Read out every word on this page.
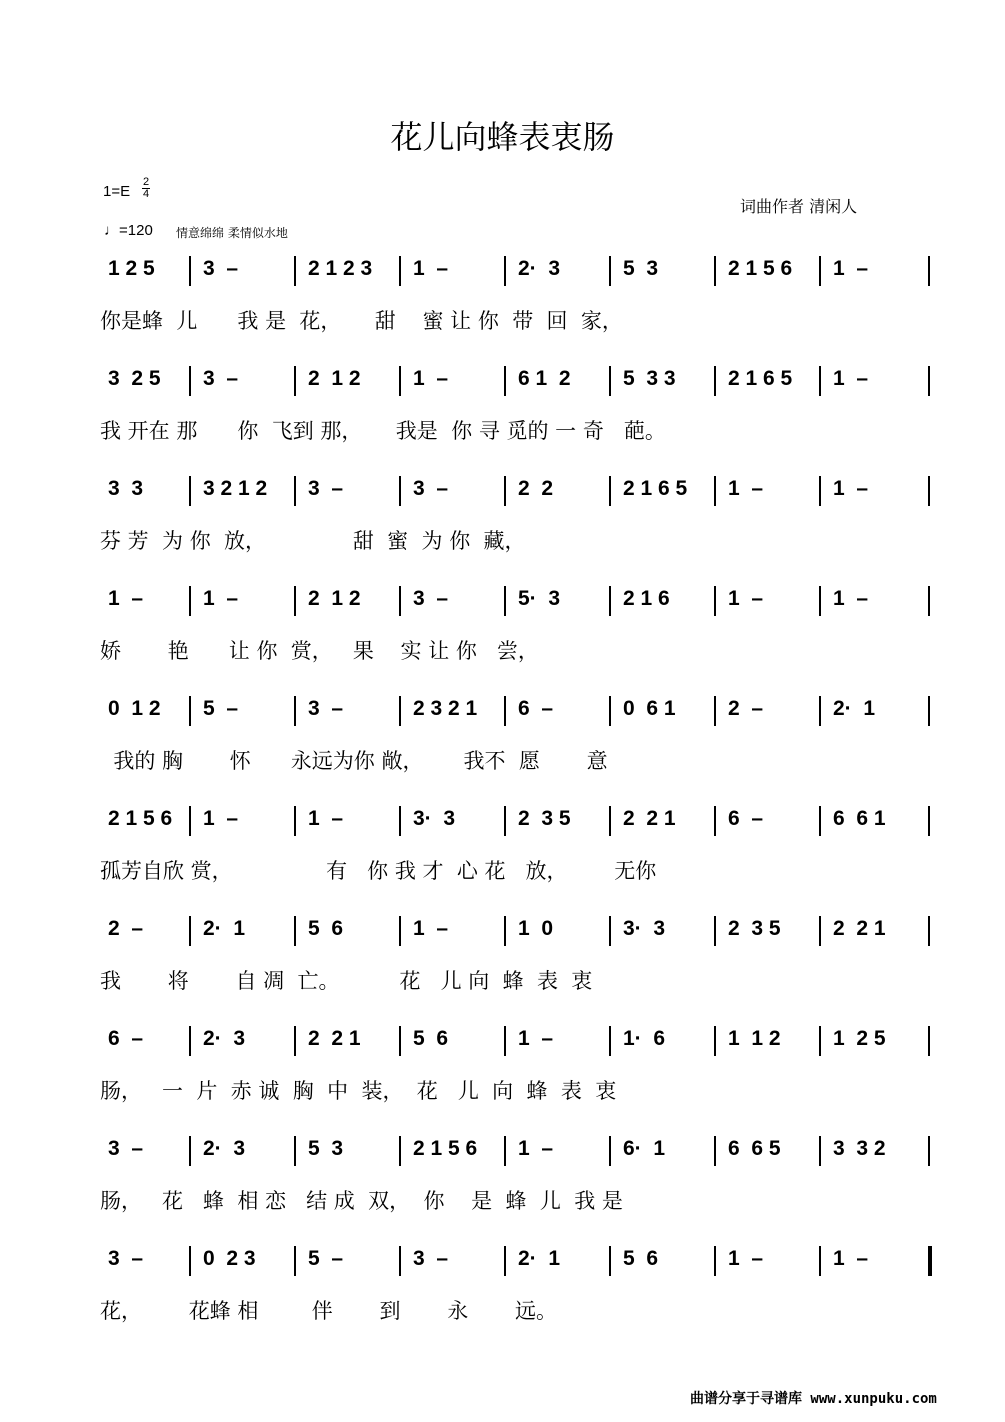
花儿向蜂表衷肠
1=E
2
4
♩=120 情意绵绵 柔情似水地
词曲作者 清闲人
1 2 5 3  –	2 1 2 3 1  –	2·  3	5  3	2 1 5 6 1  –
你是蜂  儿      我 是  花，     甜    蜜 让 你  带  回  家，
3  2 5 3  –	2  1 2 1  –	6 1  2 5  3 3 2 1 6 5 1  –
我 开在 那      你  飞到 那，     我是  你 寻 觅的 一 奇   葩。
3  3	3 2 1 2 3  –	3  –	2  2	2 1 6 5 1  –	1  –
芬 芳  为 你  放，             甜  蜜  为 你  藏，
1  –	1  –	2  1 2 3  –	5·  3	2 1 6	1  –	1  –
娇       艳      让 你  赏，   果    实 让 你   尝，
0  1 2 5  –	3  –	2 3 2 1 6  –	0  6 1 2  –	2·  1
我的 胸       怀      永远为你 敞，      我不  愿       意
2 1 5 6 1  –	1  –	3·  3	2  3 5 2  2 1 6  –	6  6 1
孤芳自欣 赏，              有   你 我 才  心 花   放，       无你
2  –	2·  1	5  6	1  –	1  0	3·  3	2  3 5 2  2 1
我       将       自 凋  亡。         花   儿 向  蜂  表  衷
6  –	2·  3	2  2 1 5  6	1  –	1·  6	1  1 2 1  2 5
肠，   一  片  赤 诚  胸  中  装，  花   儿  向  蜂  表  衷
3  –	2·  3	5  3	2 1 5 6 1  –	6·  1	6  6 5 3  3 2
肠，   花   蜂  相 恋   结 成  双，  你    是  蜂  儿  我 是
3  –	0  2 3 5  –	3  –	2·  1	5  6	1  –	1  –
花，       花蜂 相        伴       到       永       远。
曲谱分享于寻谱库 www.xunpuku.com
